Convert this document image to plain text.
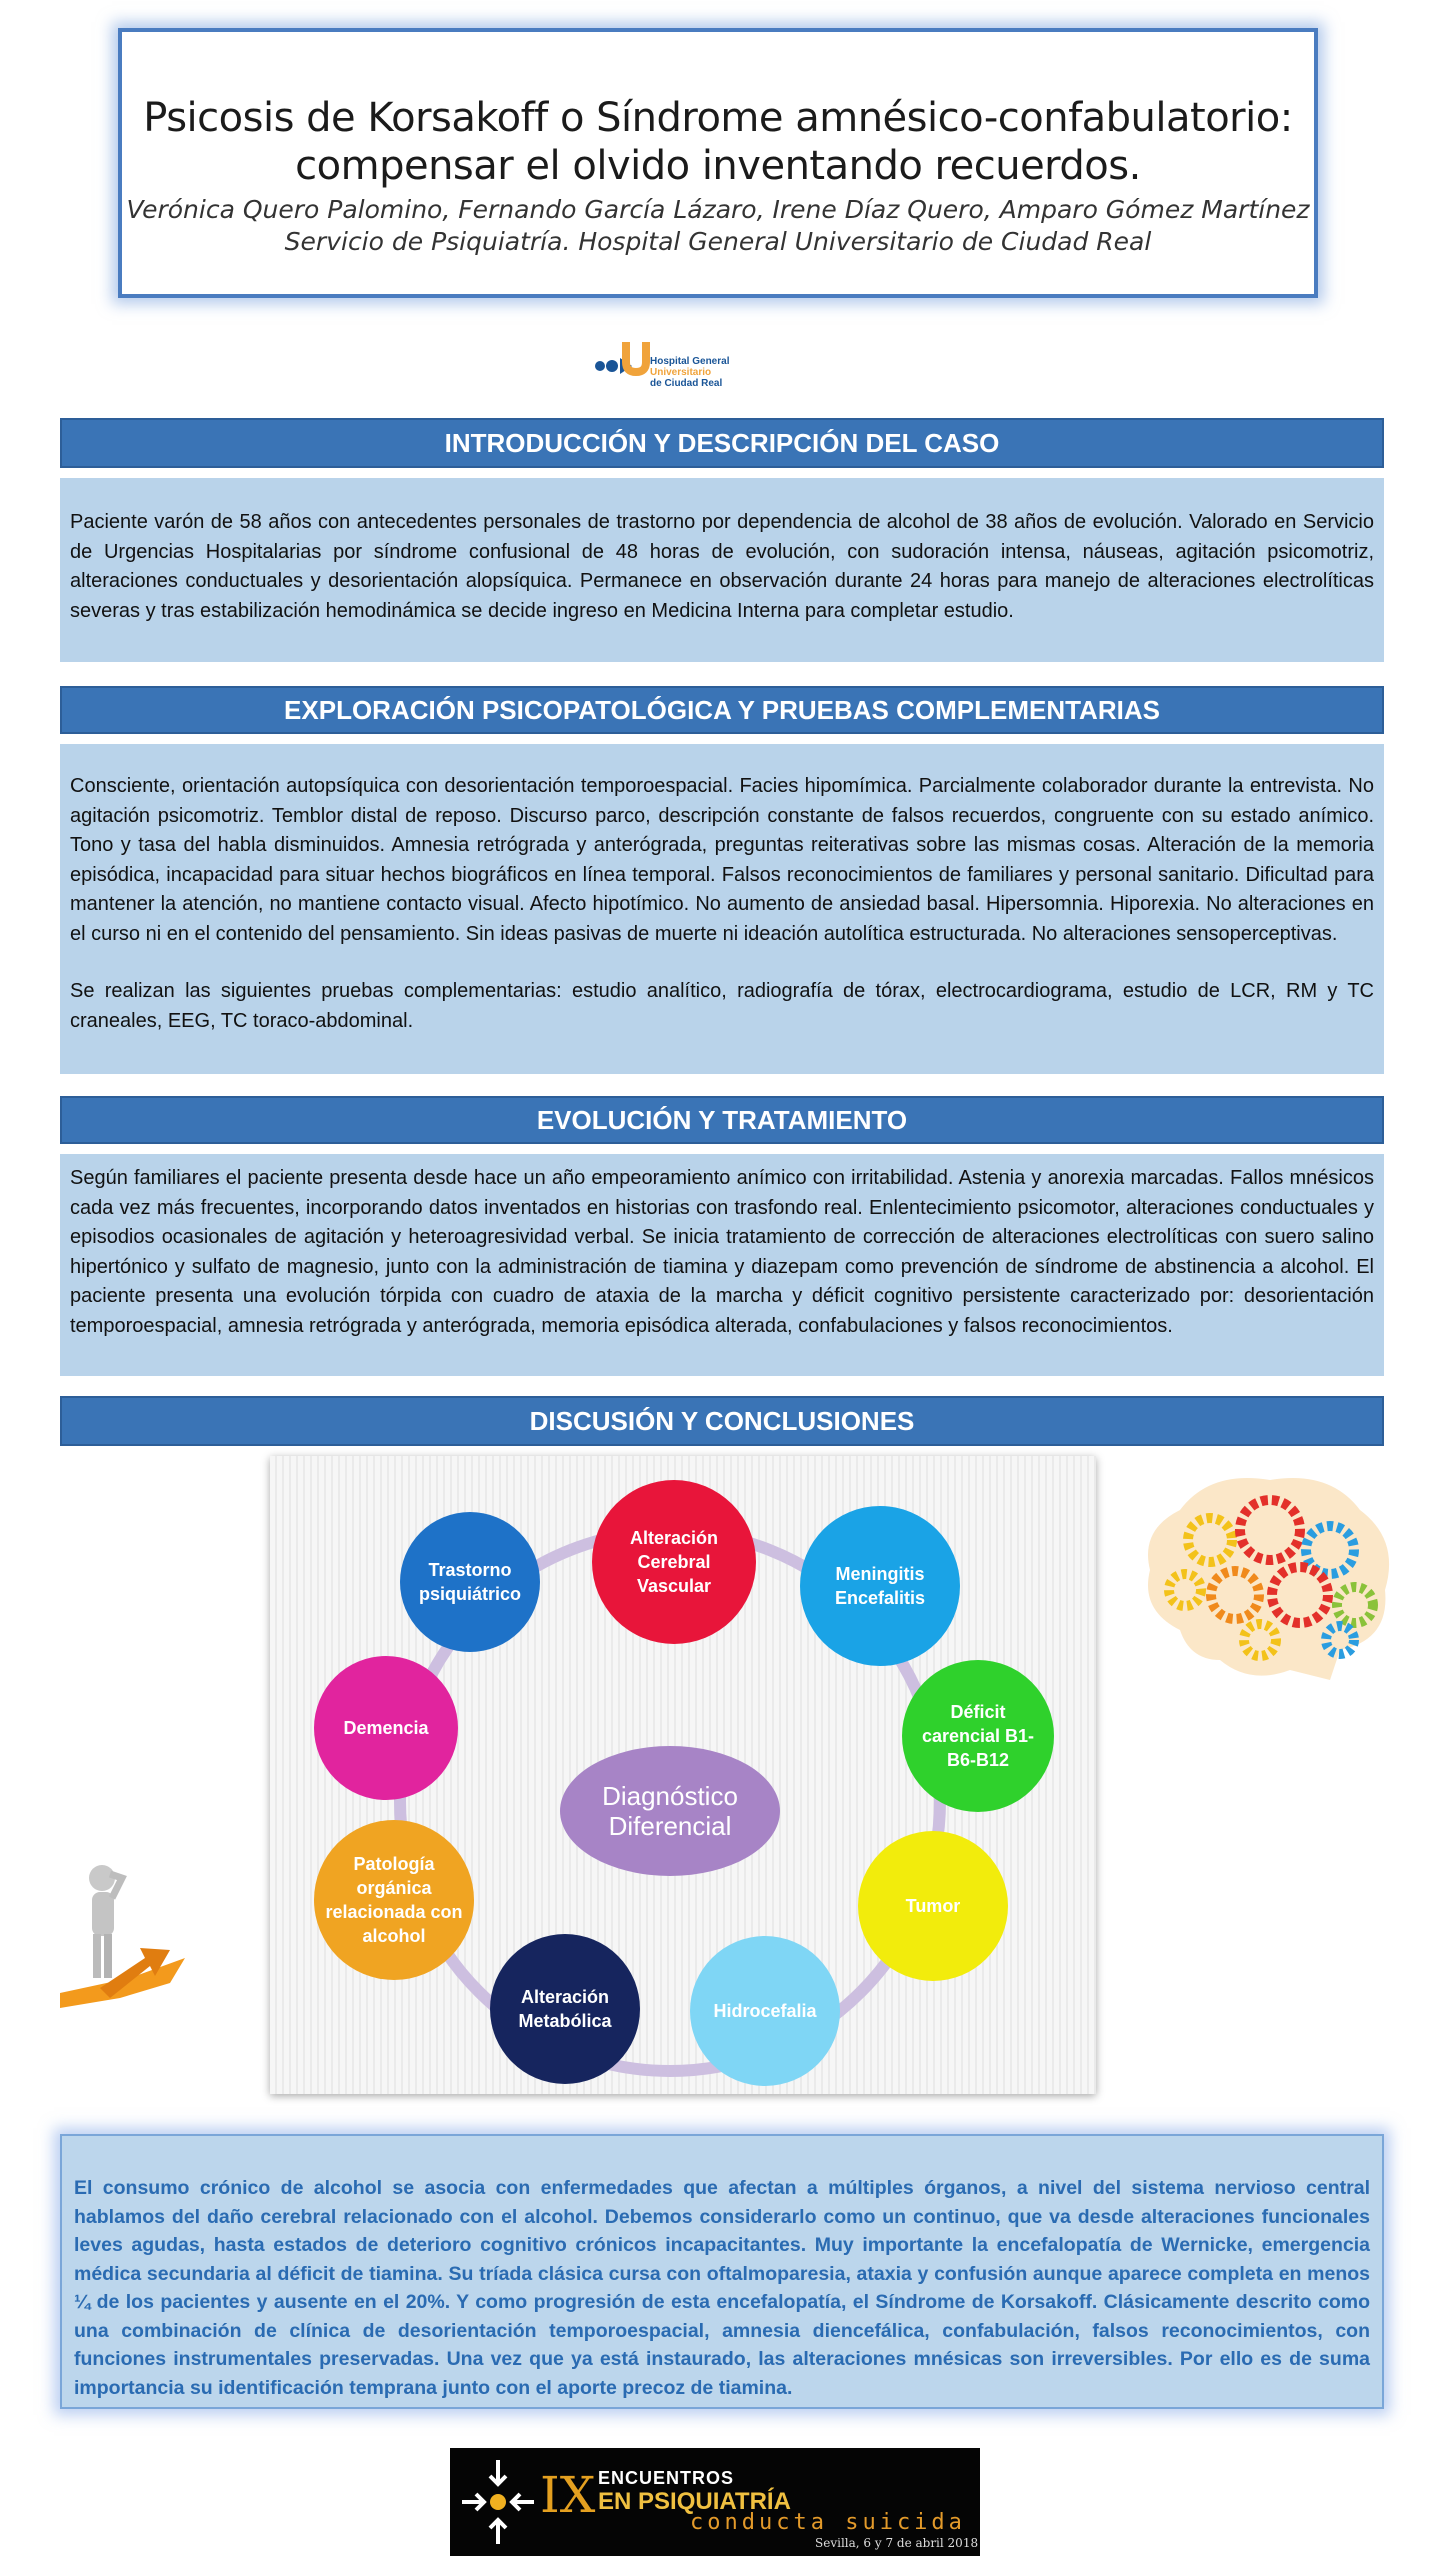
Psicosis de Korsakoff o Síndrome amnésico-confabulatorio:
compensar el olvido inventando recuerdos.
Verónica Quero Palomino, Fernando García Lázaro, Irene Díaz Quero, Amparo Gómez Martínez
Servicio de Psiquiatría. Hospital General Universitario de Ciudad Real
Hospital General
Universitario
de Ciudad Real
INTRODUCCIÓN Y DESCRIPCIÓN DEL CASO

Paciente varón de 58 años con antecedentes personales de trastorno por dependencia de alcohol de 38 años de evolución. Valorado en Servicio de Urgencias Hospitalarias por síndrome confusional de 48 horas de evolución, con sudoración intensa, náuseas, agitación psicomotriz, alteraciones conductuales y desorientación alopsíquica. Permanece en observación durante 24 horas para manejo de alteraciones electrolíticas severas y tras estabilización hemodinámica se decide ingreso en Medicina Interna para completar estudio.

EXPLORACIÓN PSICOPATOLÓGICA Y PRUEBAS COMPLEMENTARIAS

Consciente, orientación autopsíquica con desorientación temporoespacial. Facies hipomímica. Parcialmente colaborador durante la entrevista. No agitación psicomotriz. Temblor distal de reposo. Discurso parco, descripción constante de falsos recuerdos, congruente con su estado anímico. Tono y tasa del habla disminuidos. Amnesia retrógrada y anterógrada, preguntas reiterativas sobre las mismas cosas. Alteración de la memoria episódica, incapacidad para situar hechos biográficos en línea temporal. Falsos reconocimientos de familiares y personal sanitario. Dificultad para mantener la atención, no mantiene contacto visual. Afecto hipotímico. No aumento de ansiedad basal. Hipersomnia. Hiporexia. No alteraciones en el curso ni en el contenido del pensamiento. Sin ideas pasivas de muerte ni ideación autolítica estructurada. No alteraciones sensoperceptivas.

Se realizan las siguientes pruebas complementarias: estudio analítico, radiografía de tórax, electrocardiograma, estudio de LCR, RM y TC craneales, EEG, TC toraco-abdominal.

EVOLUCIÓN Y TRATAMIENTO

Según familiares el paciente presenta desde hace un año empeoramiento anímico con irritabilidad. Astenia y anorexia marcadas. Fallos mnésicos cada vez más frecuentes, incorporando datos inventados en historias con trasfondo real. Enlentecimiento psicomotor, alteraciones conductuales y episodios ocasionales de agitación y heteroagresividad verbal. Se inicia tratamiento de corrección de alteraciones electrolíticas con suero salino hipertónico y sulfato de magnesio, junto con la administración de tiamina y diazepam como prevención de síndrome de abstinencia a alcohol. El paciente presenta una evolución tórpida con cuadro de ataxia de la marcha y déficit cognitivo persistente caracterizado por: desorientación temporoespacial, amnesia retrógrada y anterógrada, memoria episódica alterada, confabulaciones y falsos reconocimientos.

DISCUSIÓN Y CONCLUSIONES
Diagnóstico Diferencial
Alteración Cerebral Vascular
Meningitis Encefalitis
Déficit carencial B1-B6-B12
Tumor
Hidrocefalia
Alteración Metabólica
Patología orgánica relacionada con alcohol
Demencia
Trastorno psiquiátrico

El consumo crónico de alcohol se asocia con enfermedades que afectan a múltiples órganos, a nivel del sistema nervioso central hablamos del daño cerebral relacionado con el alcohol. Debemos considerarlo como un continuo, que va desde alteraciones funcionales leves agudas, hasta estados de deterioro cognitivo crónicos incapacitantes. Muy importante la encefalopatía de Wernicke, emergencia médica secundaria al déficit de tiamina. Su tríada clásica cursa con oftalmoparesia, ataxia y confusión aunque aparece completa en menos ¼ de los pacientes y ausente en el 20%. Y como progresión de esta encefalopatía, el Síndrome de Korsakoff. Clásicamente descrito como una combinación de clínica de desorientación temporoespacial, amnesia diencefálica, confabulación, falsos reconocimientos, con funciones instrumentales preservadas. Una vez que ya está instaurado, las alteraciones mnésicas son irreversibles. Por ello es de suma importancia su identificación temprana junto con el aporte precoz de tiamina.

IX ENCUENTROS
EN PSIQUIATRÍA
conducta suicida
Sevilla, 6 y 7 de abril 2018
